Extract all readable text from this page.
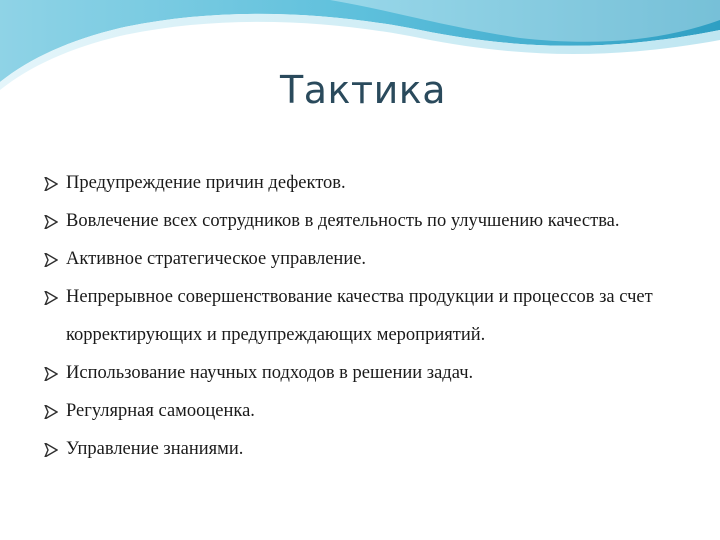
Тактика
Предупреждение причин дефектов.
Вовлечение всех сотрудников в деятельность по улучшению качества.
Активное стратегическое управление.
Непрерывное совершенствование качества продукции и процессов за счет корректирующих и предупреждающих мероприятий.
Использование научных подходов в решении задач.
Регулярная самооценка.
Управление знаниями.
